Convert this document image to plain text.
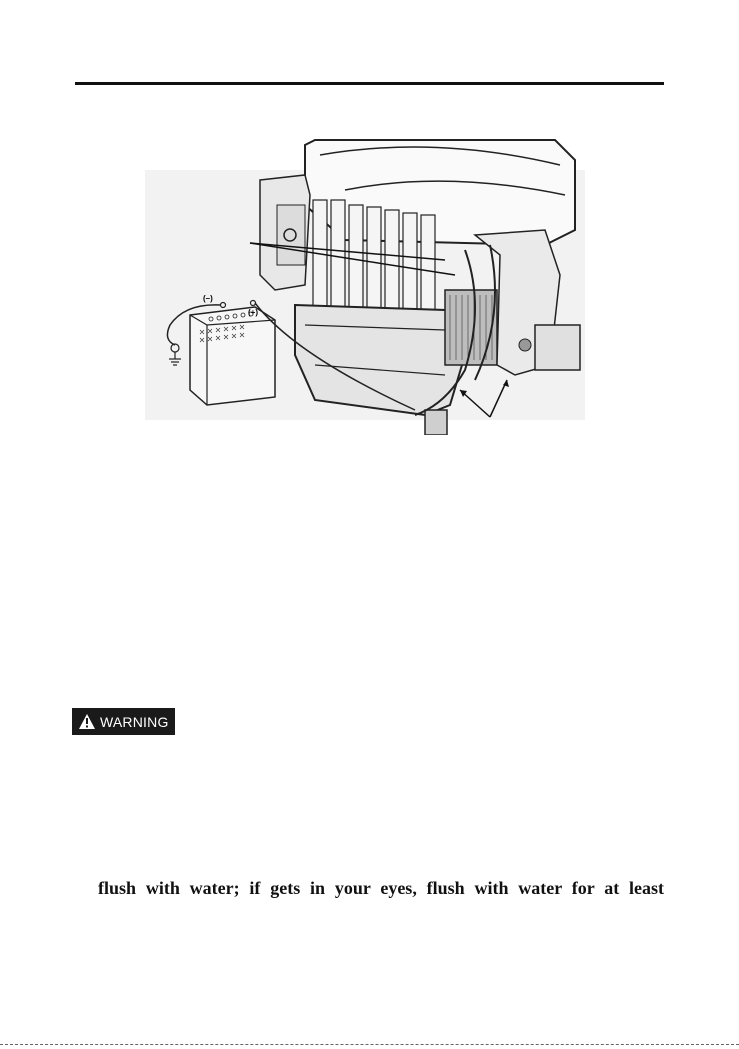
(–)
(+)
WARNING
flush with water; if gets in your eyes, flush with water for at least
